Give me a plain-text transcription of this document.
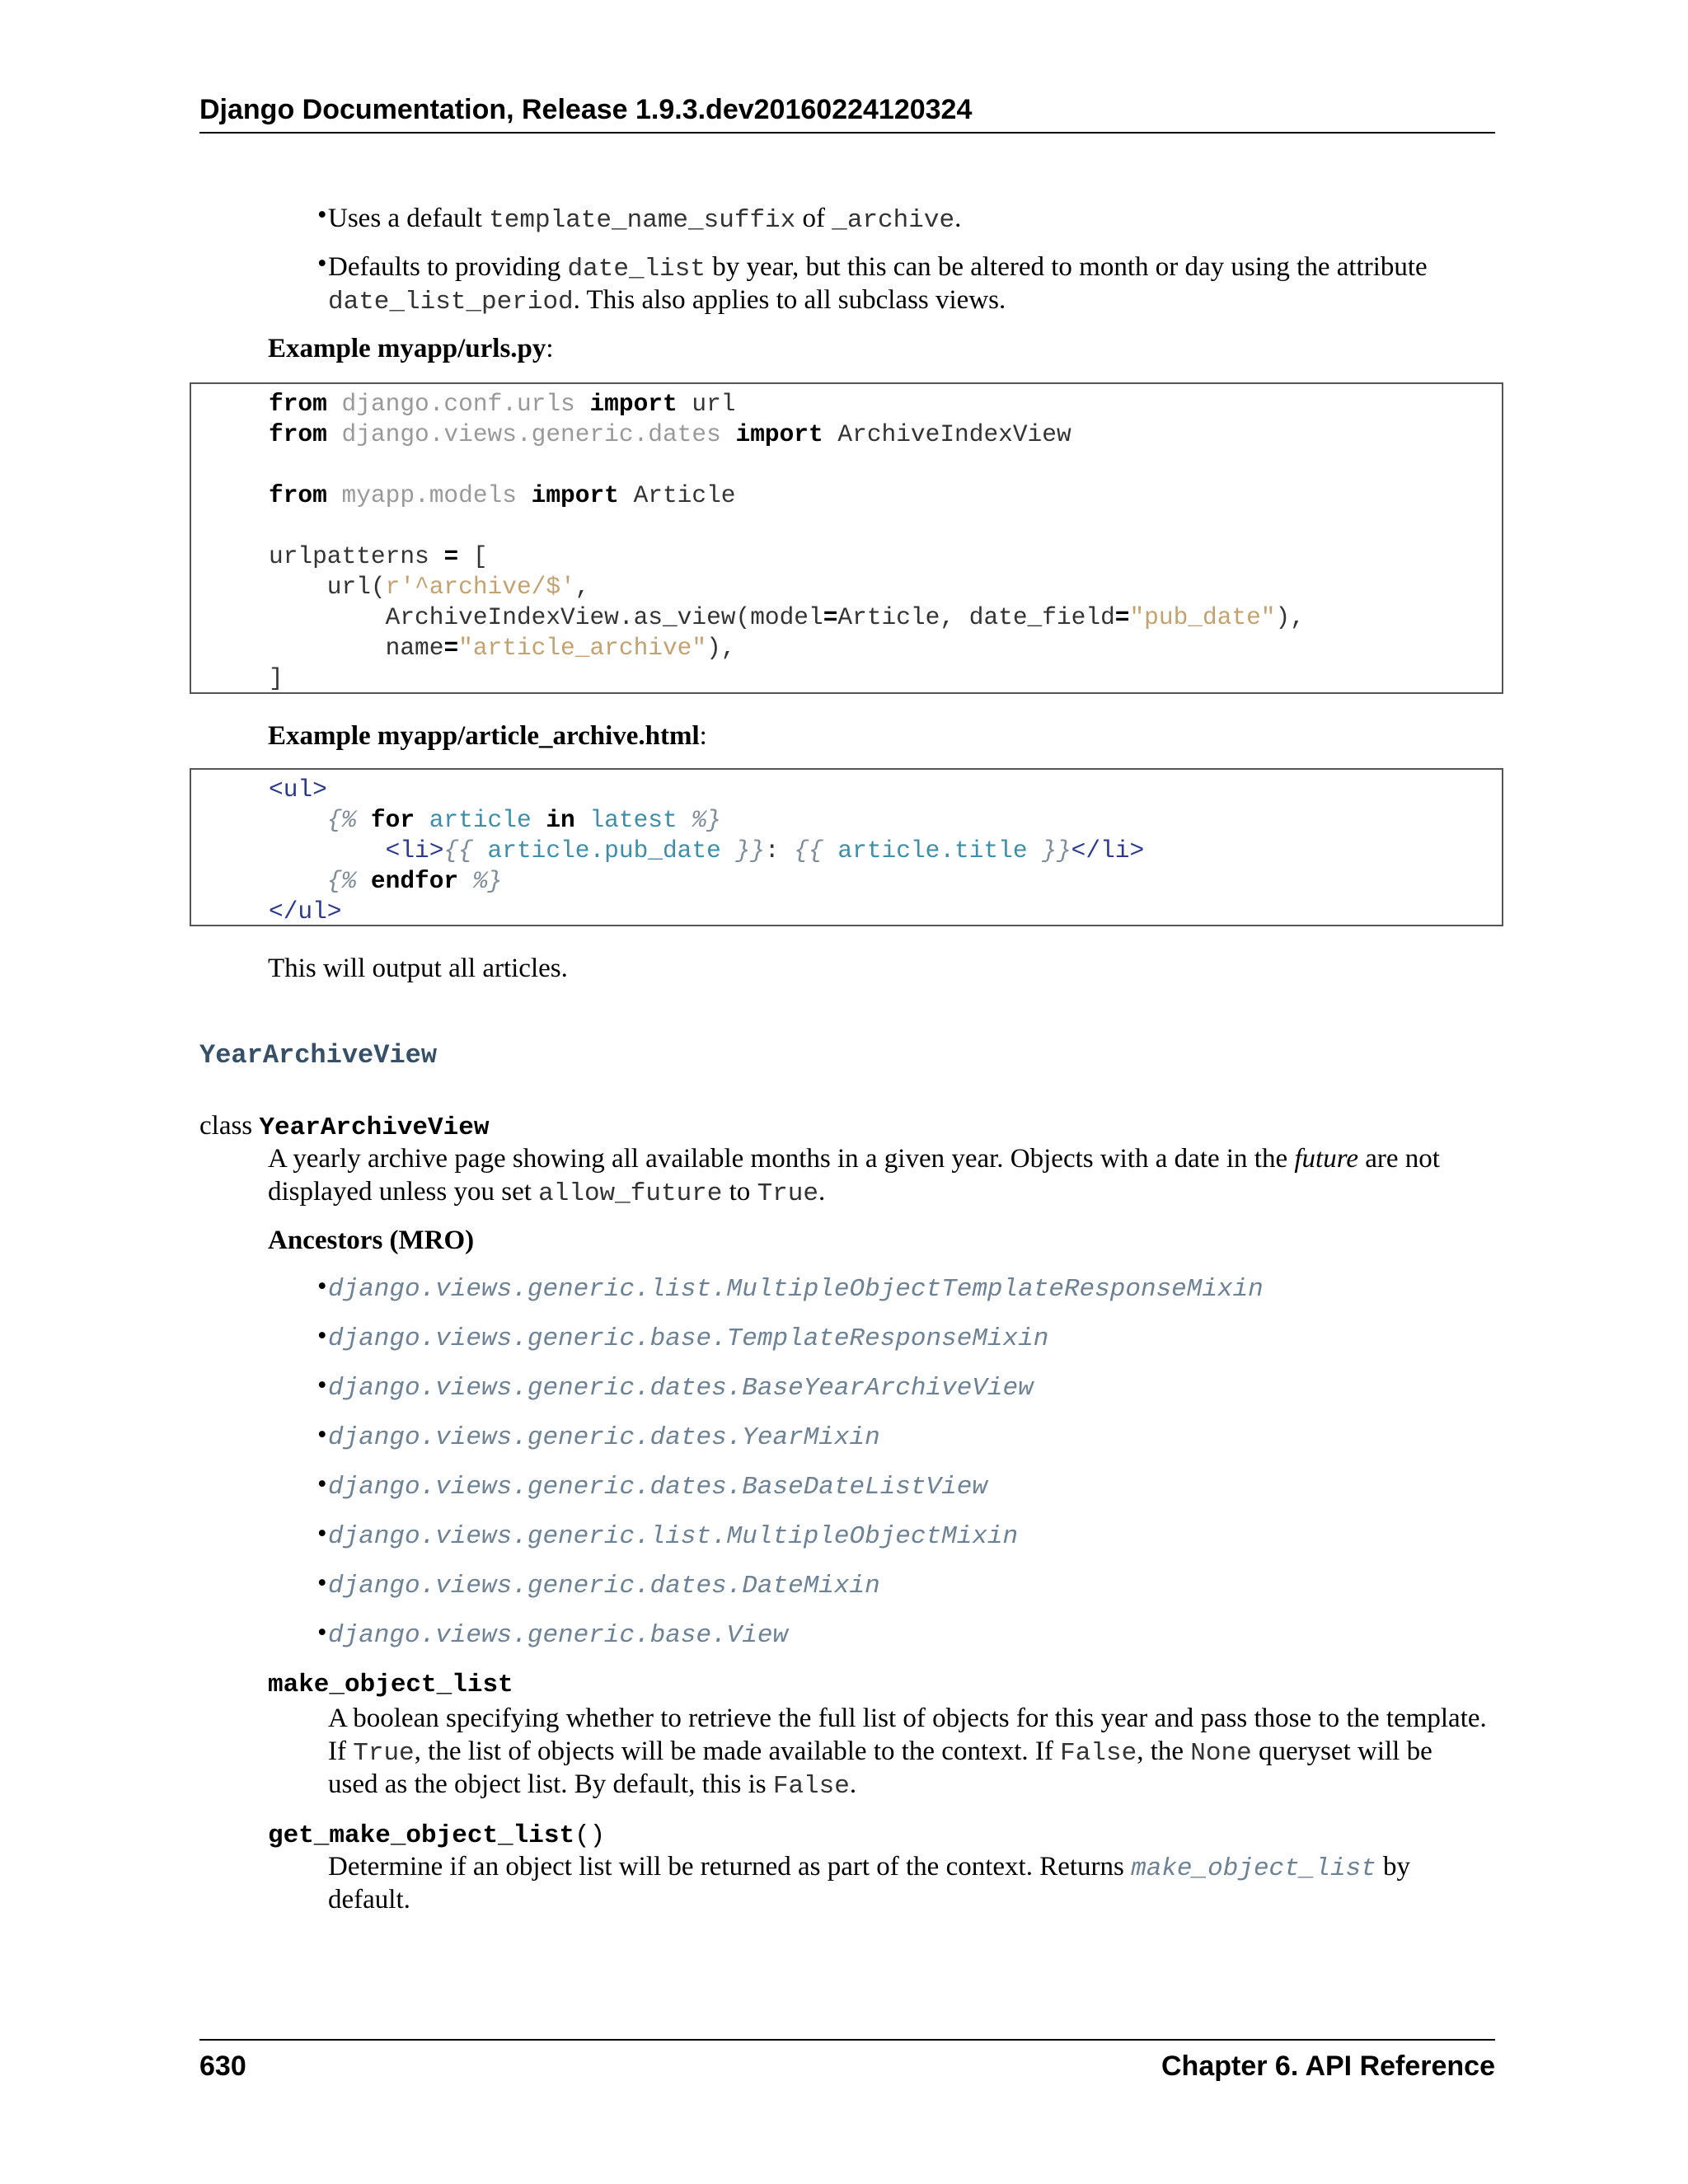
Django Documentation, Release 1.9.3.dev20160224120324
• Uses a default template_name_suffix of _archive.
• Defaults to providing date_list by year, but this can be altered to month or day using the attribute
date_list_period. This also applies to all subclass views.
Example myapp/urls.py:
from django.conf.urls import url
from django.views.generic.dates import ArchiveIndexView
from myapp.models import Article
urlpatterns = [
url(r'^archive/$',
ArchiveIndexView.as_view(model=Article, date_field="pub_date"),
name="article_archive"),
]
Example myapp/article_archive.html:
<ul>
{% for article in latest %}
<li>{{ article.pub_date }}: {{ article.title }}</li>
{% endfor %}
</ul>
This will output all articles.
YearArchiveView
class YearArchiveView
A yearly archive page showing all available months in a given year. Objects with a date in the future are not
displayed unless you set allow_future to True.
Ancestors (MRO)
• django.views.generic.list.MultipleObjectTemplateResponseMixin
• django.views.generic.base.TemplateResponseMixin
• django.views.generic.dates.BaseYearArchiveView
• django.views.generic.dates.YearMixin
• django.views.generic.dates.BaseDateListView
• django.views.generic.list.MultipleObjectMixin
• django.views.generic.dates.DateMixin
• django.views.generic.base.View
make_object_list
A boolean specifying whether to retrieve the full list of objects for this year and pass those to the template.
If True, the list of objects will be made available to the context. If False, the None queryset will be
used as the object list. By default, this is False.
get_make_object_list()
Determine if an object list will be returned as part of the context. Returns make_object_list by
default.
630	Chapter 6. API Reference
